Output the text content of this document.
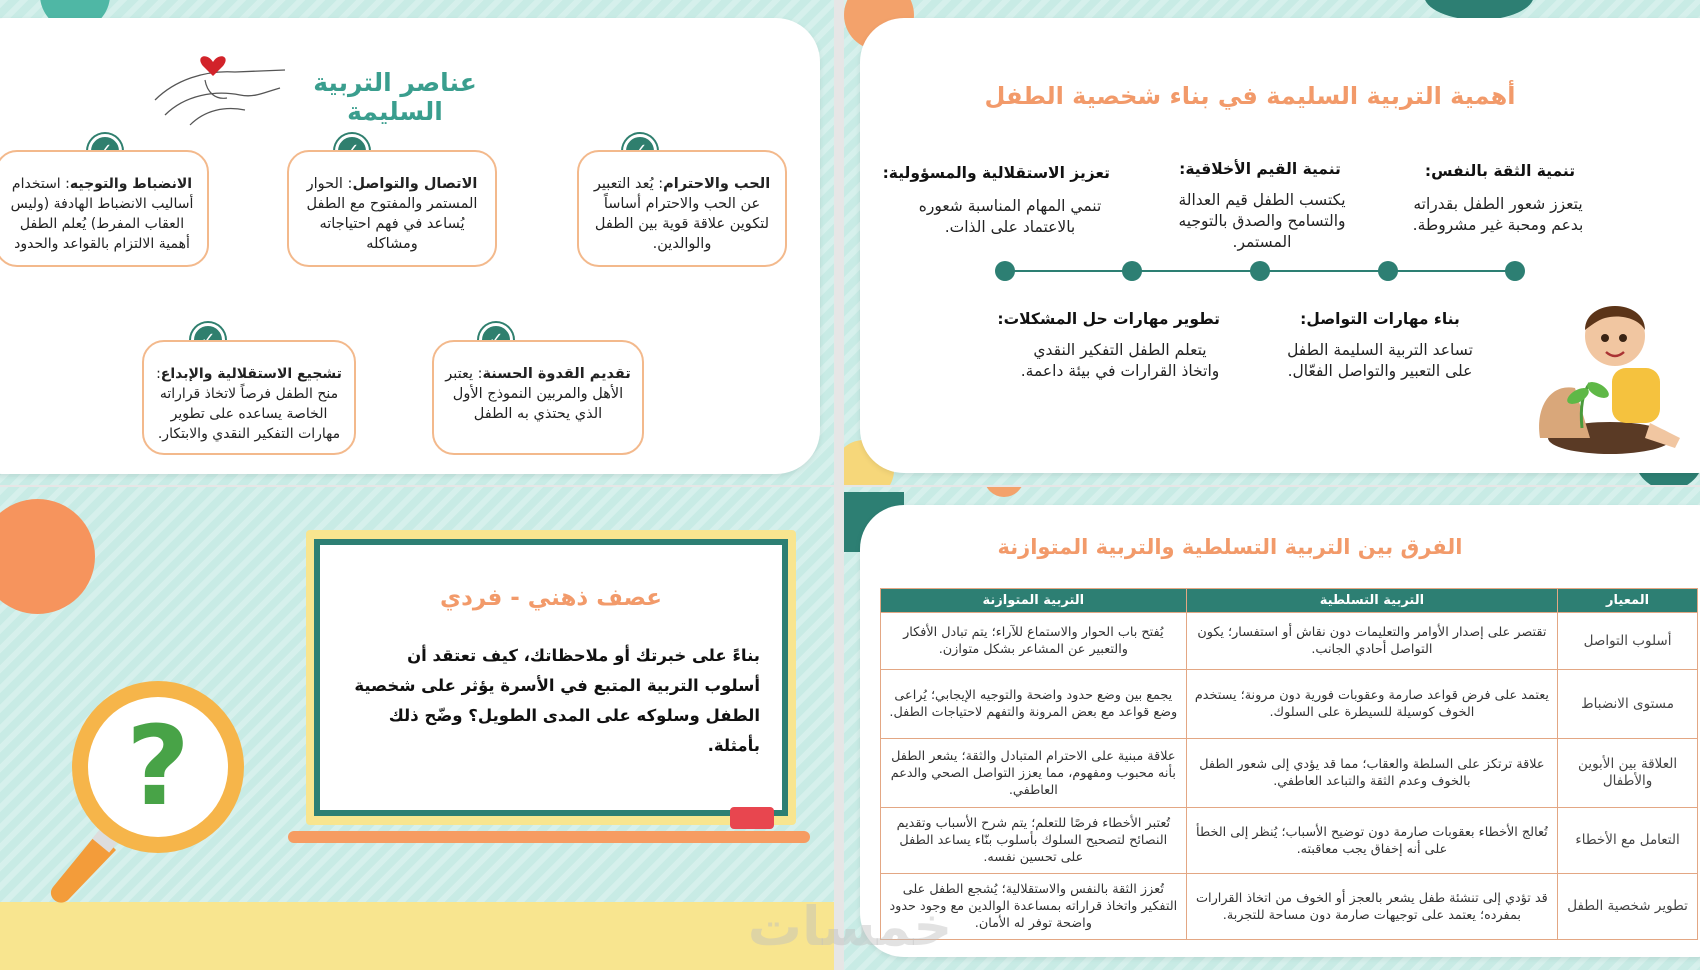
عناصر التربية السليمة
الحب والاحترام: يُعد التعبير عن الحب والاحترام أساساً لتكوين علاقة قوية بين الطفل والوالدين.
الاتصال والتواصل: الحوار المستمر والمفتوح مع الطفل يُساعد في فهم احتياجاته ومشاكله
الانضباط والتوجيه: استخدام أساليب الانضباط الهادفة (وليس العقاب المفرط) يُعلم الطفل أهمية الالتزام بالقواعد والحدود
تقديم القدوة الحسنة: يعتبر الأهل والمربين النموذج الأول الذي يحتذي به الطفل
تشجيع الاستقلالية والإبداع: منح الطفل فرصاً لاتخاذ قراراته الخاصة يساعده على تطوير مهارات التفكير النقدي والابتكار.
أهمية التربية السليمة في بناء شخصية الطفل
تنمية الثقة بالنفس:
يتعزز شعور الطفل بقدراته بدعم ومحبة غير مشروطة.
تنمية القيم الأخلاقية:
يكتسب الطفل قيم العدالة والتسامح والصدق بالتوجيه المستمر.
تعزيز الاستقلالية والمسؤولية:
تنمي المهام المناسبة شعوره بالاعتماد على الذات.
بناء مهارات التواصل:
تساعد التربية السليمة الطفل على التعبير والتواصل الفعّال.
تطوير مهارات حل المشكلات:
يتعلم الطفل التفكير النقدي واتخاذ القرارات في بيئة داعمة.
?
عصف ذهني - فردي
بناءً على خبرتك أو ملاحظاتك، كيف تعتقد أن أسلوب التربية المتبع في الأسرة يؤثر على شخصية الطفل وسلوكه على المدى الطويل؟ وضّح ذلك بأمثلة.
الفرق بين التربية التسلطية والتربية المتوازنة
المعيار	التربية التسلطية	التربية المتوازنة
أسلوب التواصل	تقتصر على إصدار الأوامر والتعليمات دون نقاش أو استفسار؛ يكون التواصل أحادي الجانب.	يُفتح باب الحوار والاستماع للآراء؛ يتم تبادل الأفكار والتعبير عن المشاعر بشكل متوازن.
مستوى الانضباط	يعتمد على فرض قواعد صارمة وعقوبات فورية دون مرونة؛ يستخدم الخوف كوسيلة للسيطرة على السلوك.	يجمع بين وضع حدود واضحة والتوجيه الإيجابي؛ يُراعى وضع قواعد مع بعض المرونة والتفهم لاحتياجات الطفل.
العلاقة بين الأبوين والأطفال	علاقة ترتكز على السلطة والعقاب؛ مما قد يؤدي إلى شعور الطفل بالخوف وعدم الثقة والتباعد العاطفي.	علاقة مبنية على الاحترام المتبادل والثقة؛ يشعر الطفل بأنه محبوب ومفهوم، مما يعزز التواصل الصحي والدعم العاطفي.
التعامل مع الأخطاء	تُعالج الأخطاء بعقوبات صارمة دون توضيح الأسباب؛ يُنظر إلى الخطأ على أنه إخفاق يجب معاقبته.	تُعتبر الأخطاء فرصًا للتعلم؛ يتم شرح الأسباب وتقديم النصائح لتصحيح السلوك بأسلوب بنّاء يساعد الطفل على تحسين نفسه.
تطوير شخصية الطفل	قد تؤدي إلى تنشئة طفل يشعر بالعجز أو الخوف من اتخاذ القرارات بمفرده؛ يعتمد على توجيهات صارمة دون مساحة للتجربة.	تُعزز الثقة بالنفس والاستقلالية؛ يُشجع الطفل على التفكير واتخاذ قراراته بمساعدة الوالدين مع وجود حدود واضحة توفر له الأمان.
خمسات
